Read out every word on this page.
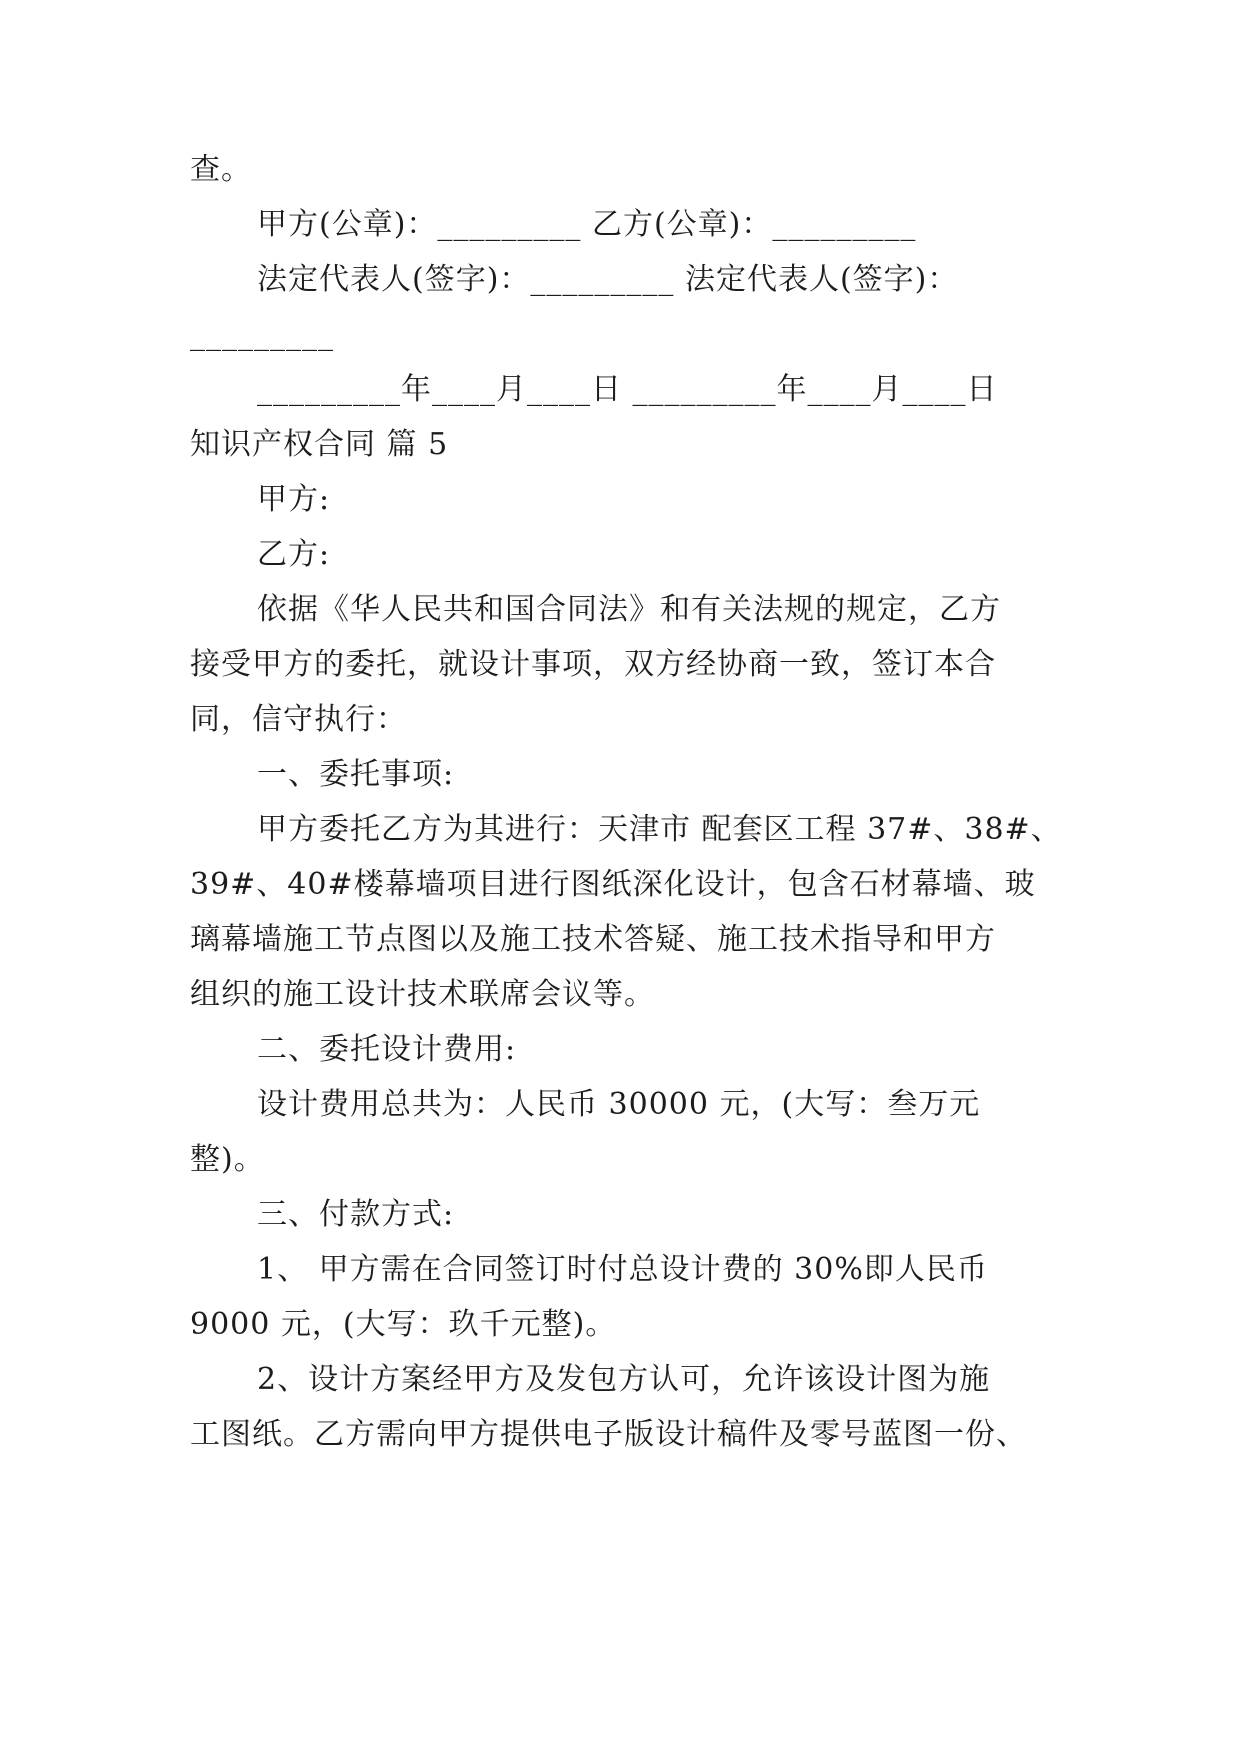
查。
甲方(公章)：_________ 乙方(公章)：_________
法定代表人(签字)：_________ 法定代表人(签字)：
_________
_________年____月____日 _________年____月____日
知识产权合同 篇 5
甲方:
乙方:
依据《华人民共和国合同法》和有关法规的规定，乙方
接受甲方的委托，就设计事项，双方经协商一致，签订本合
同，信守执行：
一、委托事项:
甲方委托乙方为其进行：天津市 配套区工程 37#、38#、
39#、40#楼幕墙项目进行图纸深化设计，包含石材幕墙、玻
璃幕墙施工节点图以及施工技术答疑、施工技术指导和甲方
组织的施工设计技术联席会议等。
二、委托设计费用:
设计费用总共为：人民币 30000 元，(大写：叁万元
整)。
三、付款方式:
1、 甲方需在合同签订时付总设计费的 30%即人民币
9000 元，(大写：玖千元整)。
2、设计方案经甲方及发包方认可，允许该设计图为施
工图纸。乙方需向甲方提供电子版设计稿件及零号蓝图一份、
